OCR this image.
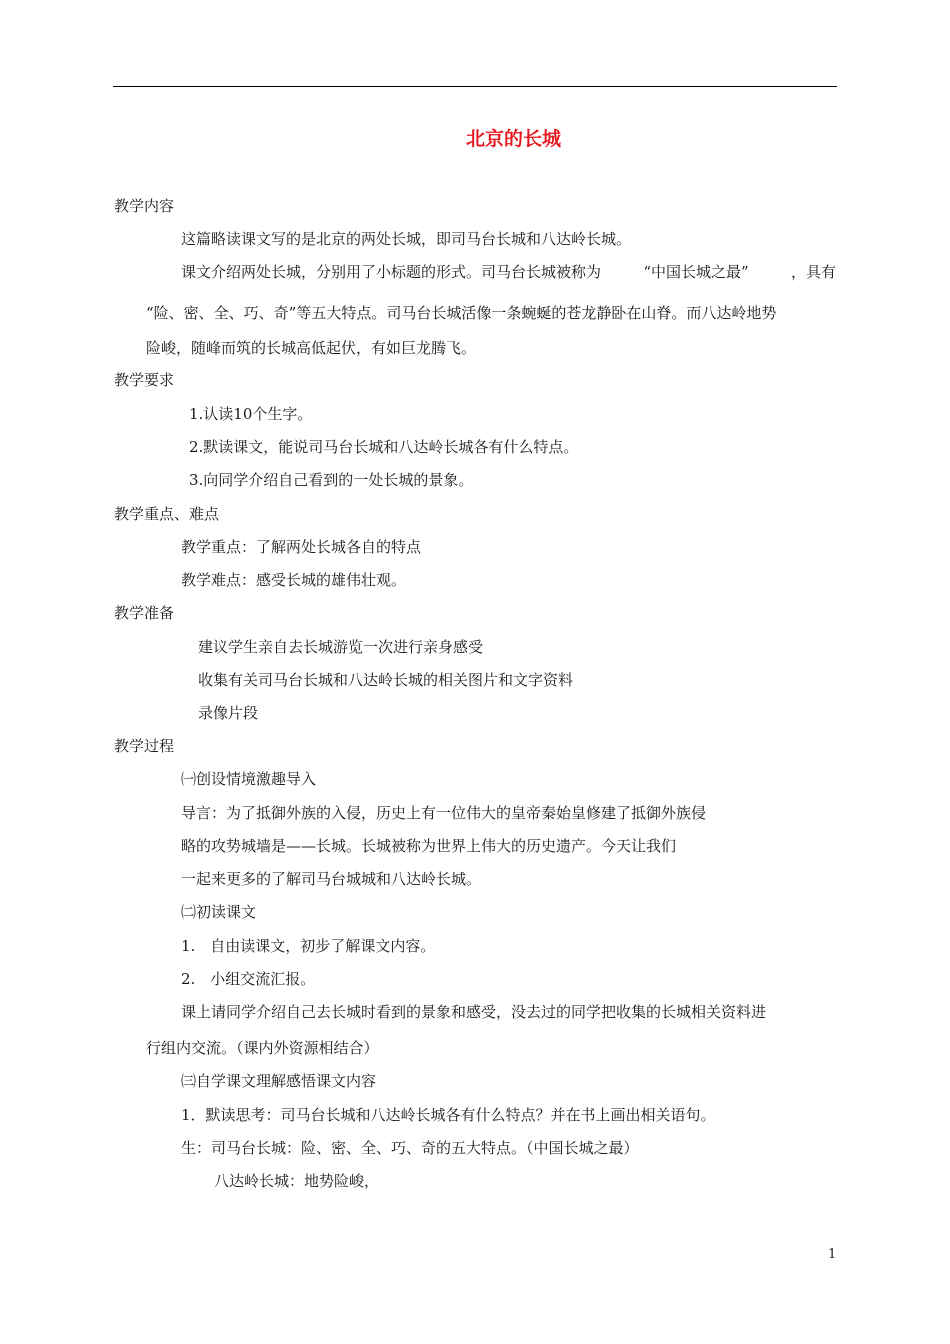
北京的长城
教学内容
这篇略读课文写的是北京的两处长城，即司马台长城和八达岭长城。
课文介绍两处长城，分别用了小标题的形式。司马台长城被称为	“中国长城之最”	，具有
“险、密、全、巧、奇”等五大特点。司马台长城活像一条蜿蜒的苍龙静卧在山脊。而八达岭地势
险峻，随峰而筑的长城高低起伏，有如巨龙腾飞。
教学要求
1.认读10个生字。
2.默读课文，能说司马台长城和八达岭长城各有什么特点。
3.向同学介绍自己看到的一处长城的景象。
教学重点、难点
教学重点：了解两处长城各自的特点
教学难点：感受长城的雄伟壮观。
教学准备
建议学生亲自去长城游览一次进行亲身感受
收集有关司马台长城和八达岭长城的相关图片和文字资料
录像片段
教学过程
㈠创设情境激趣导入
导言：为了抵御外族的入侵，历史上有一位伟大的皇帝秦始皇修建了抵御外族侵
略的攻势城墙是——长城。长城被称为世界上伟大的历史遗产。今天让我们
一起来更多的了解司马台城城和八达岭长城。
㈡初读课文
1.　自由读课文，初步了解课文内容。
2.　小组交流汇报。
课上请同学介绍自己去长城时看到的景象和感受，没去过的同学把收集的长城相关资料进
行组内交流。（课内外资源相结合）
㈢自学课文理解感悟课文内容
1．默读思考：司马台长城和八达岭长城各有什么特点？并在书上画出相关语句。
生：司马台长城：险、密、全、巧、奇的五大特点。（中国长城之最）
八达岭长城：地势险峻，
1
